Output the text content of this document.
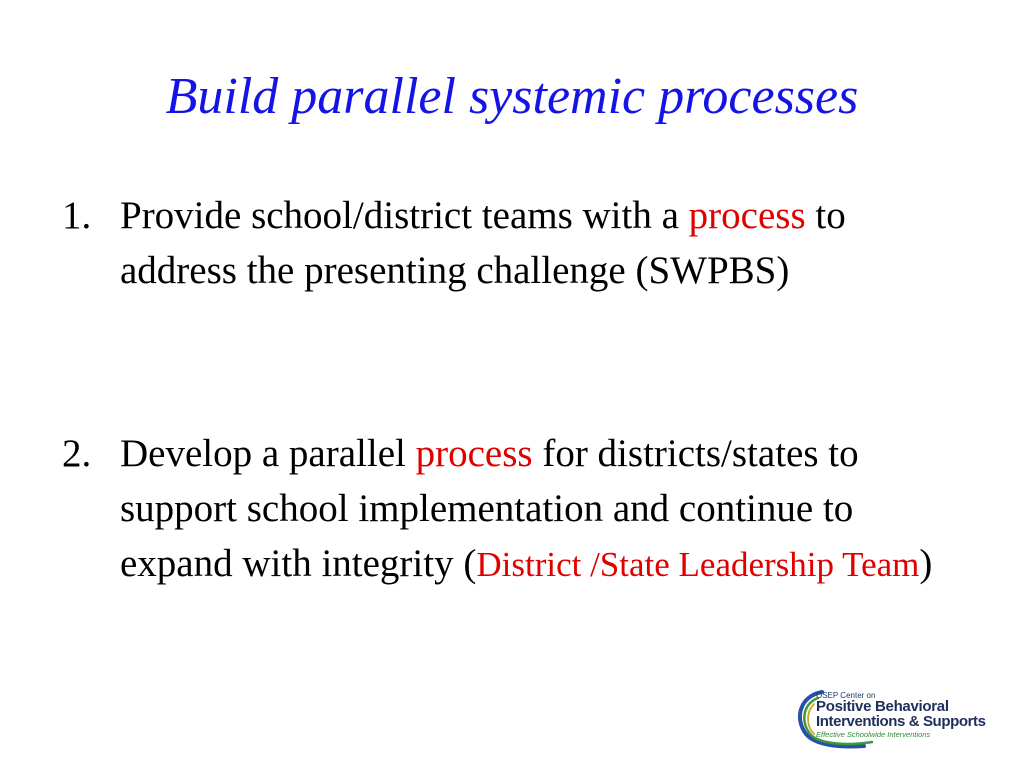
Build parallel systemic processes
1. Provide school/district teams with a process to address the presenting challenge (SWPBS)
2. Develop a parallel process for districts/states to support school implementation and continue to expand with integrity (District /State Leadership Team)
OSEP Center on
Positive Behavioral
Interventions & Supports
Effective Schoolwide Interventions
